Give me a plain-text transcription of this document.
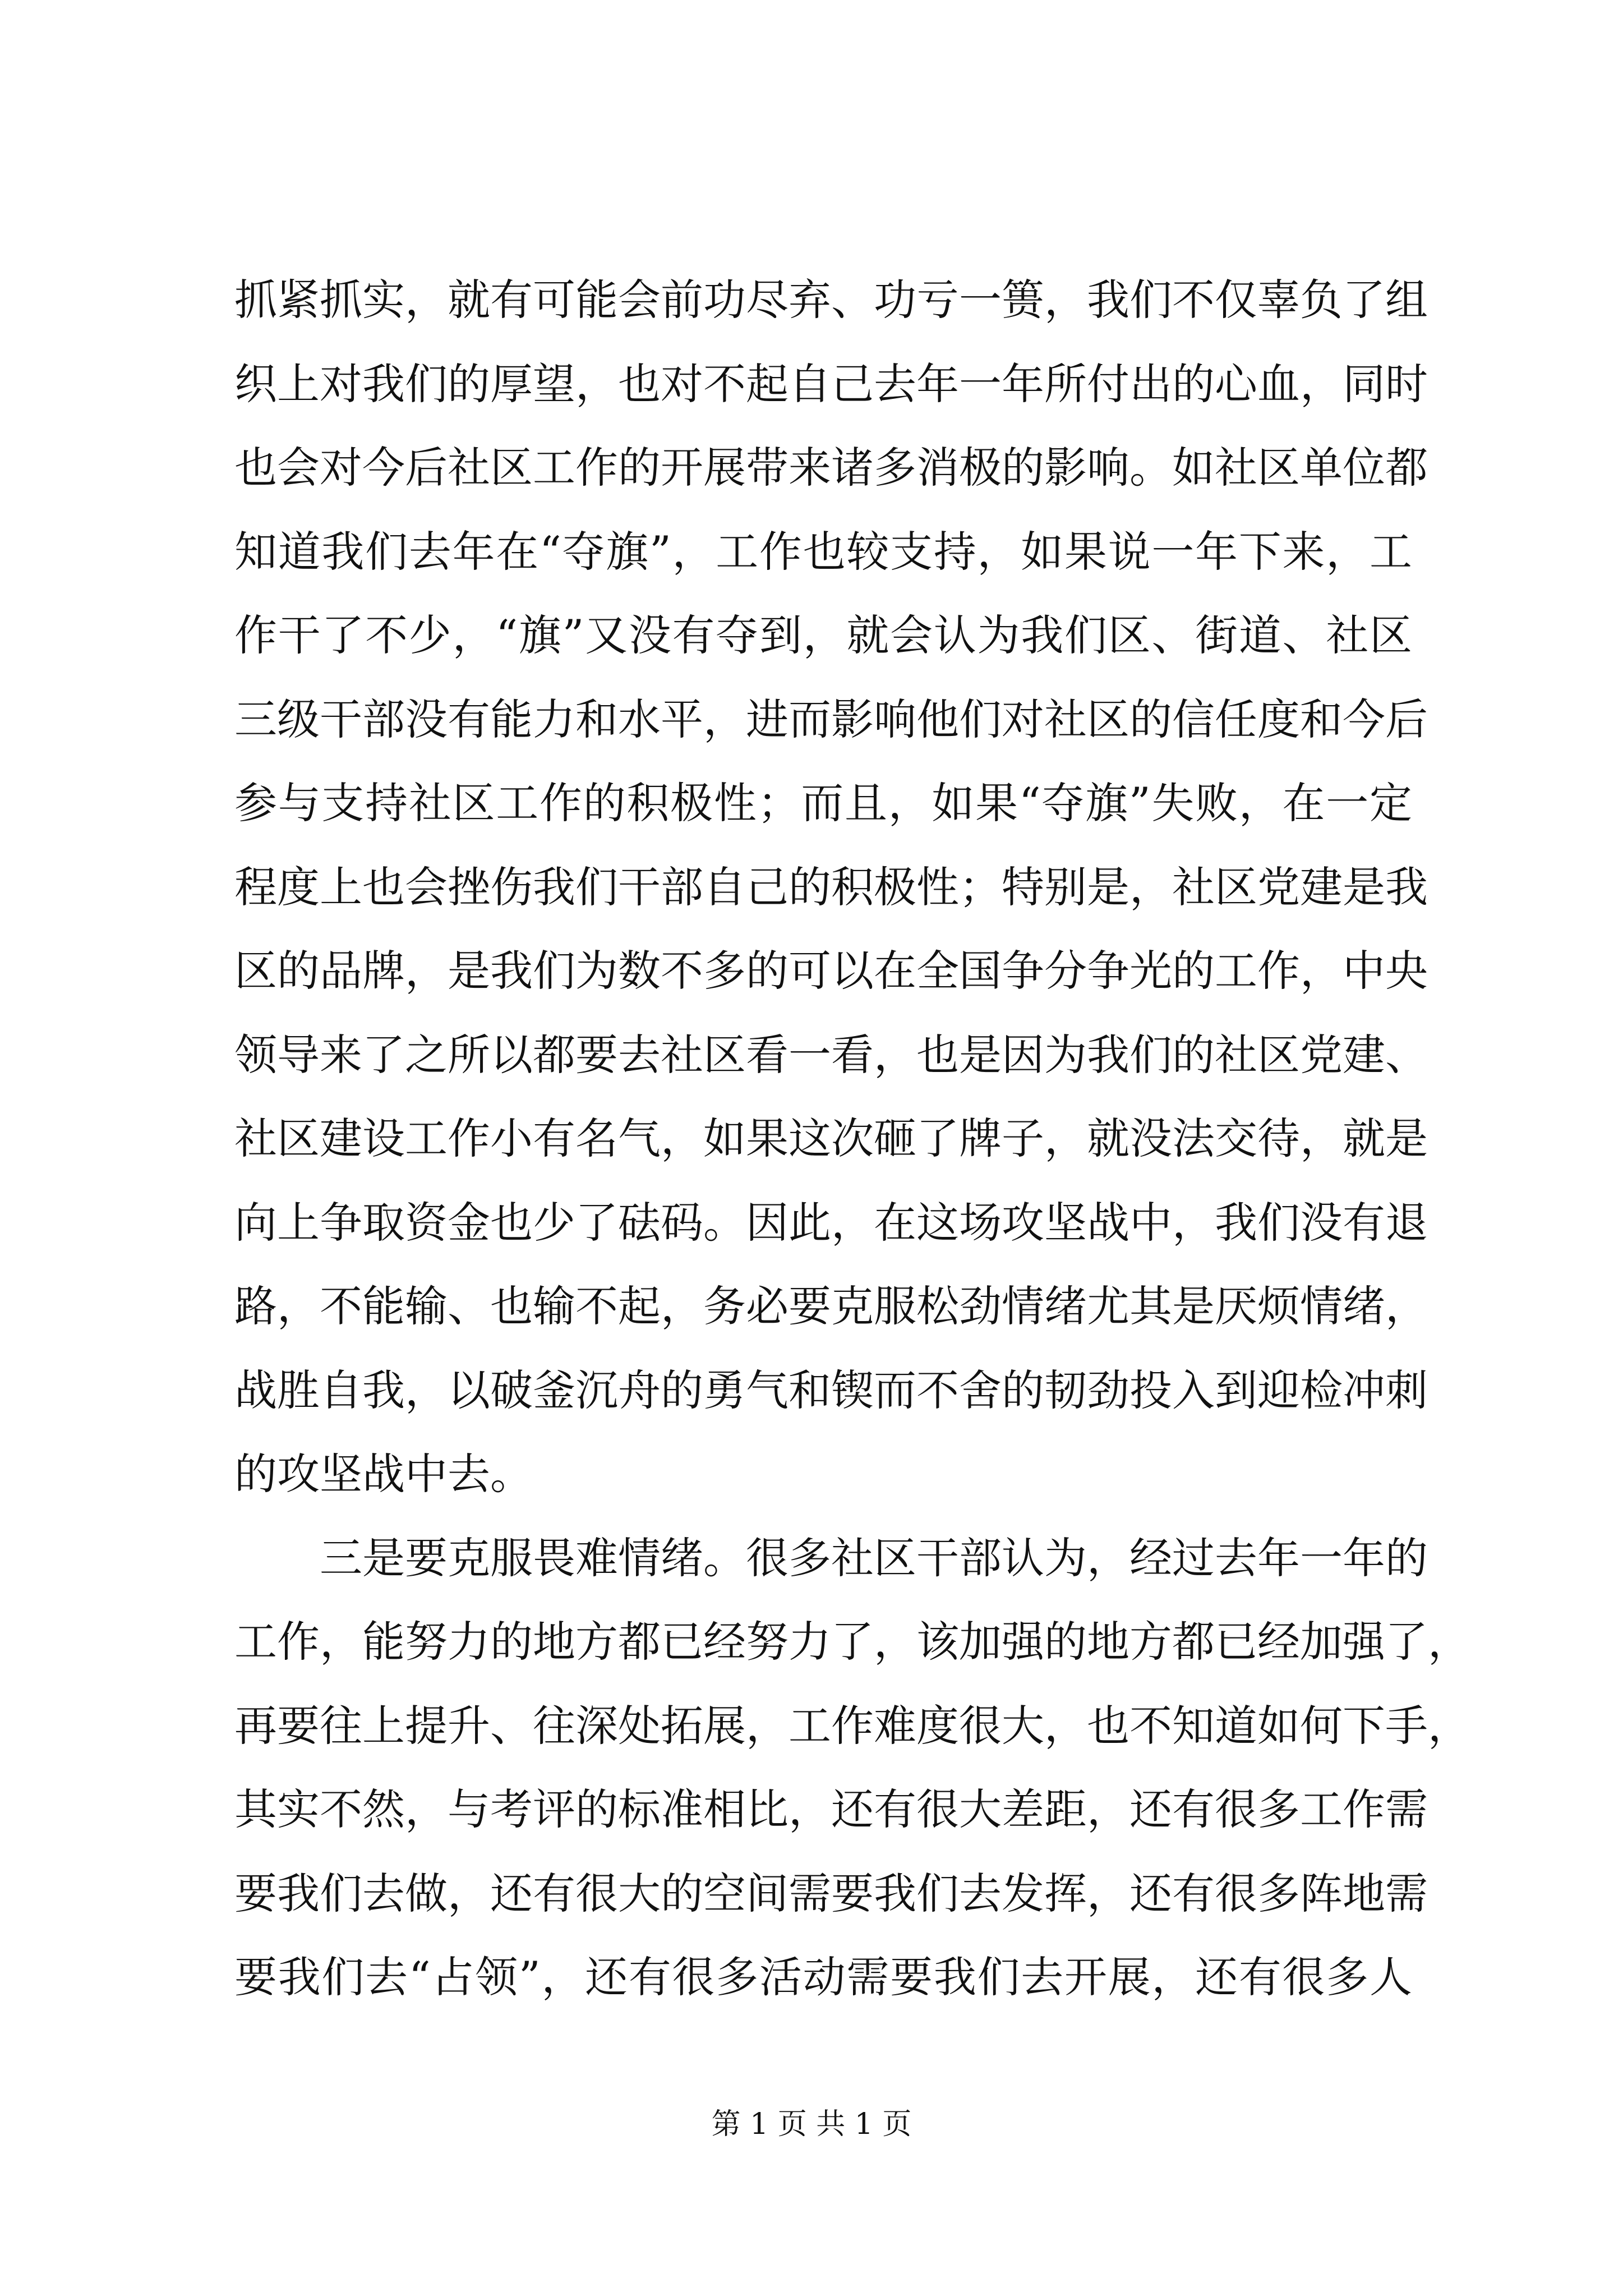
抓紧抓实，就有可能会前功尽弃、功亏一篑，我们不仅辜负了组
织上对我们的厚望，也对不起自己去年一年所付出的心血，同时
也会对今后社区工作的开展带来诸多消极的影响。如社区单位都
知道我们去年在“夺旗”，工作也较支持，如果说一年下来，工
作干了不少，“旗”又没有夺到，就会认为我们区、街道、社区
三级干部没有能力和水平，进而影响他们对社区的信任度和今后
参与支持社区工作的积极性；而且，如果“夺旗”失败，在一定
程度上也会挫伤我们干部自己的积极性；特别是，社区党建是我
区的品牌，是我们为数不多的可以在全国争分争光的工作，中央
领导来了之所以都要去社区看一看，也是因为我们的社区党建、
社区建设工作小有名气，如果这次砸了牌子，就没法交待，就是
向上争取资金也少了砝码。因此，在这场攻坚战中，我们没有退
路，不能输、也输不起，务必要克服松劲情绪尤其是厌烦情绪，
战胜自我，以破釜沉舟的勇气和锲而不舍的韧劲投入到迎检冲刺
的攻坚战中去。
三是要克服畏难情绪。很多社区干部认为，经过去年一年的
工作，能努力的地方都已经努力了，该加强的地方都已经加强了，
再要往上提升、往深处拓展，工作难度很大，也不知道如何下手，
其实不然，与考评的标准相比，还有很大差距，还有很多工作需
要我们去做，还有很大的空间需要我们去发挥，还有很多阵地需
要我们去“占领”，还有很多活动需要我们去开展，还有很多人
第 1 页 共 1 页
